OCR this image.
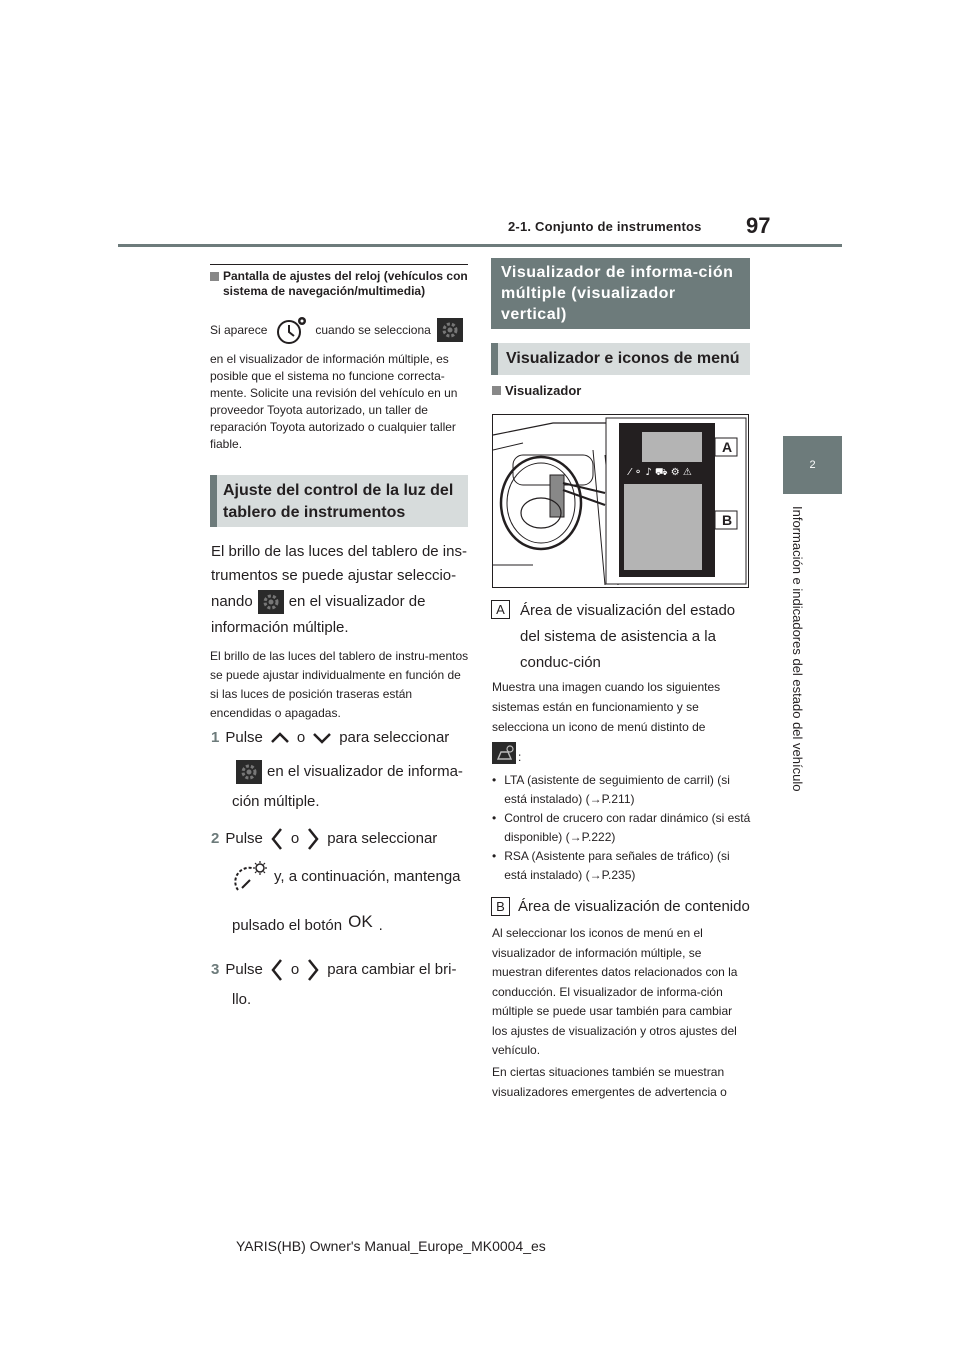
2-1. Conjunto de instrumentos 97
2
Información e indicadores del estado del vehículo
Pantalla de ajustes del reloj (vehículos con sistema de navegación/multimedia)
Si aparece	cuando se selecciona
en el visualizador de información múltiple, es posible que el sistema no funcione correcta-mente. Solicite una revisión del vehículo en un proveedor Toyota autorizado, un taller de reparación Toyota autorizado o cualquier taller fiable.
Ajuste del control de la luz del tablero de instrumentos
El brillo de las luces del tablero de ins-trumentos se puede ajustar seleccio-
nando en el visualizador de
información múltiple.
El brillo de las luces del tablero de instru-mentos se puede ajustar individualmente en función de si las luces de posición traseras están encendidas o apagadas.
1 Pulse o para seleccionar
en el visualizador de informa-
ción múltiple.
2 Pulse o para seleccionar
y, a continuación, mantenga
pulsado el botón OK .
3 Pulse o para cambiar el bri-
llo.
Visualizador de informa-ción múltiple (visualizador vertical)
Visualizador e iconos de menú
Visualizador
⁄ ⚬ ♪ ⛟ ⚙ ⚠
A
B
A	Área de visualización del estado del sistema de asistencia a la conduc-ción
Muestra una imagen cuando los siguientes sistemas están en funcionamiento y se selecciona un icono de menú distinto de
:
• LTA (asistente de seguimiento de carril) (si está instalado) (→P.211)
• Control de crucero con radar dinámico (si está disponible) (→P.222)
• RSA (Asistente para señales de tráfico) (si está instalado) (→P.235)
B Área de visualización de contenido
Al seleccionar los iconos de menú en el visualizador de información múltiple, se muestran diferentes datos relacionados con la conducción. El visualizador de informa-ción múltiple se puede usar también para cambiar los ajustes de visualización y otros ajustes del vehículo.
En ciertas situaciones también se muestran visualizadores emergentes de advertencia o
YARIS(HB) Owner's Manual_Europe_MK0004_es
